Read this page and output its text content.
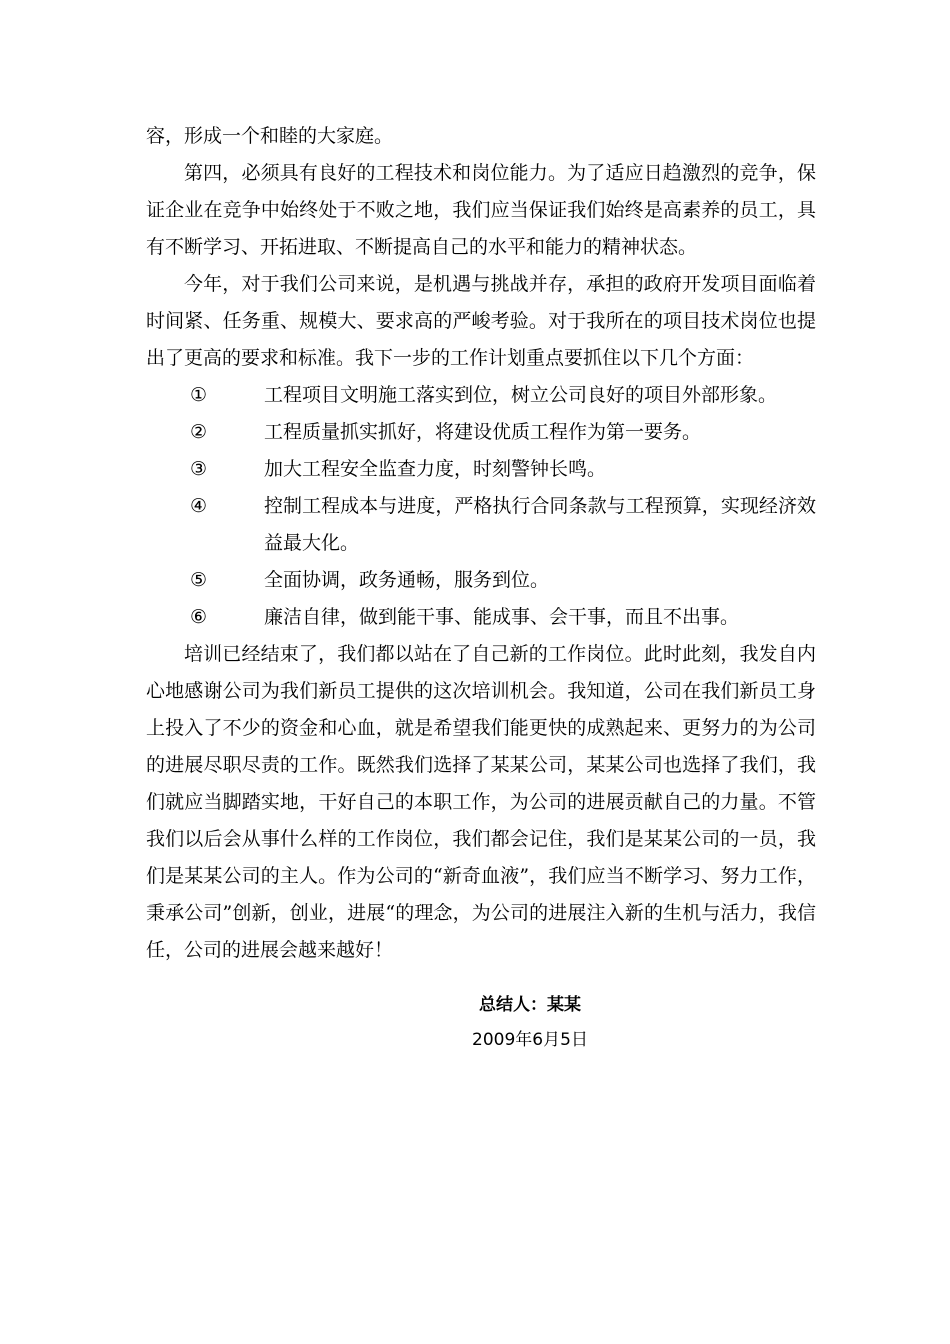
容，形成一个和睦的大家庭。

第四，必须具有良好的工程技术和岗位能力。为了适应日趋激烈的竞争，保证企业在竞争中始终处于不败之地，我们应当保证我们始终是高素养的员工，具有不断学习、开拓进取、不断提高自己的水平和能力的精神状态。

今年，对于我们公司来说，是机遇与挑战并存，承担的政府开发项目面临着时间紧、任务重、规模大、要求高的严峻考验。对于我所在的项目技术岗位也提出了更高的要求和标准。我下一步的工作计划重点要抓住以下几个方面：

①	工程项目文明施工落实到位，树立公司良好的项目外部形象。
②	工程质量抓实抓好，将建设优质工程作为第一要务。
③	加大工程安全监查力度，时刻警钟长鸣。
④	控制工程成本与进度，严格执行合同条款与工程预算，实现经济效益最大化。
⑤	全面协调，政务通畅，服务到位。
⑥	廉洁自律，做到能干事、能成事、会干事，而且不出事。

培训已经结束了，我们都以站在了自己新的工作岗位。此时此刻，我发自内心地感谢公司为我们新员工提供的这次培训机会。我知道，公司在我们新员工身上投入了不少的资金和心血，就是希望我们能更快的成熟起来、更努力的为公司的进展尽职尽责的工作。既然我们选择了某某公司，某某公司也选择了我们，我们就应当脚踏实地，干好自己的本职工作，为公司的进展贡献自己的力量。不管我们以后会从事什么样的工作岗位，我们都会记住，我们是某某公司的一员，我们是某某公司的主人。作为公司的“新奇血液”，我们应当不断学习、努力工作，秉承公司”创新，创业，进展“的理念，为公司的进展注入新的生机与活力，我信任，公司的进展会越来越好！

总结人：某某
2009年6月5日
